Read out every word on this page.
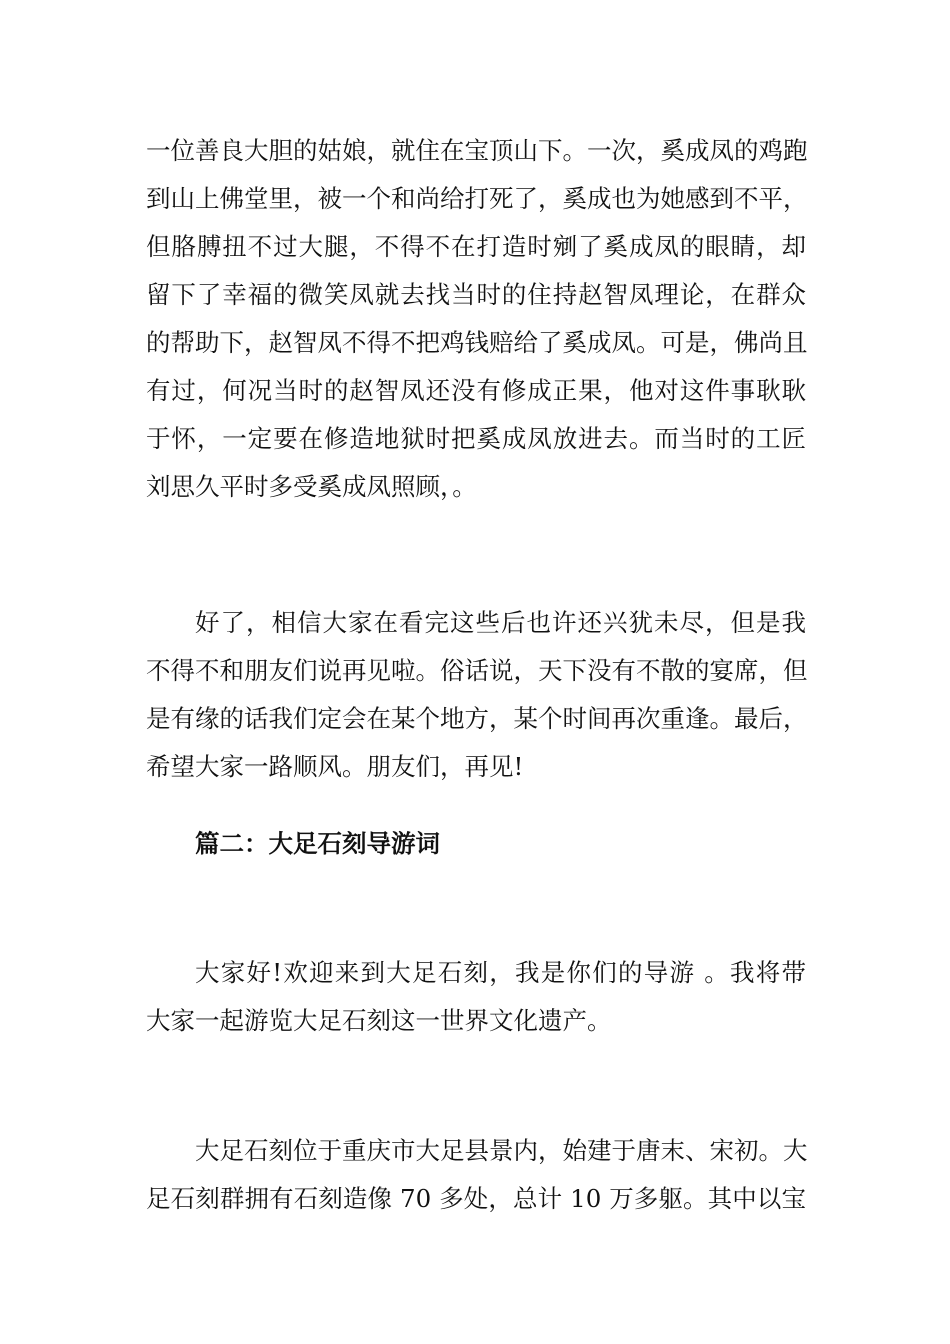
一位善良大胆的姑娘，就住在宝顶山下。一次，奚成凤的鸡跑
到山上佛堂里，被一个和尚给打死了，奚成也为她感到不平，
但胳膊扭不过大腿，不得不在打造时剜了奚成凤的眼睛，却
留下了幸福的微笑凤就去找当时的住持赵智凤理论，在群众
的帮助下，赵智凤不得不把鸡钱赔给了奚成凤。可是，佛尚且
有过，何况当时的赵智凤还没有修成正果，他对这件事耿耿
于怀，一定要在修造地狱时把奚成凤放进去。而当时的工匠
刘思久平时多受奚成凤照顾，。
好了，相信大家在看完这些后也许还兴犹未尽，但是我
不得不和朋友们说再见啦。俗话说，天下没有不散的宴席，但
是有缘的话我们定会在某个地方，某个时间再次重逢。最后，
希望大家一路顺风。朋友们，再见!
篇二：大足石刻导游词
大家好!欢迎来到大足石刻，我是你们的导游 。我将带
大家一起游览大足石刻这一世界文化遗产。
大足石刻位于重庆市大足县景内，始建于唐末、宋初。大
足石刻群拥有石刻造像 70 多处，总计 10 万多躯。其中以宝
